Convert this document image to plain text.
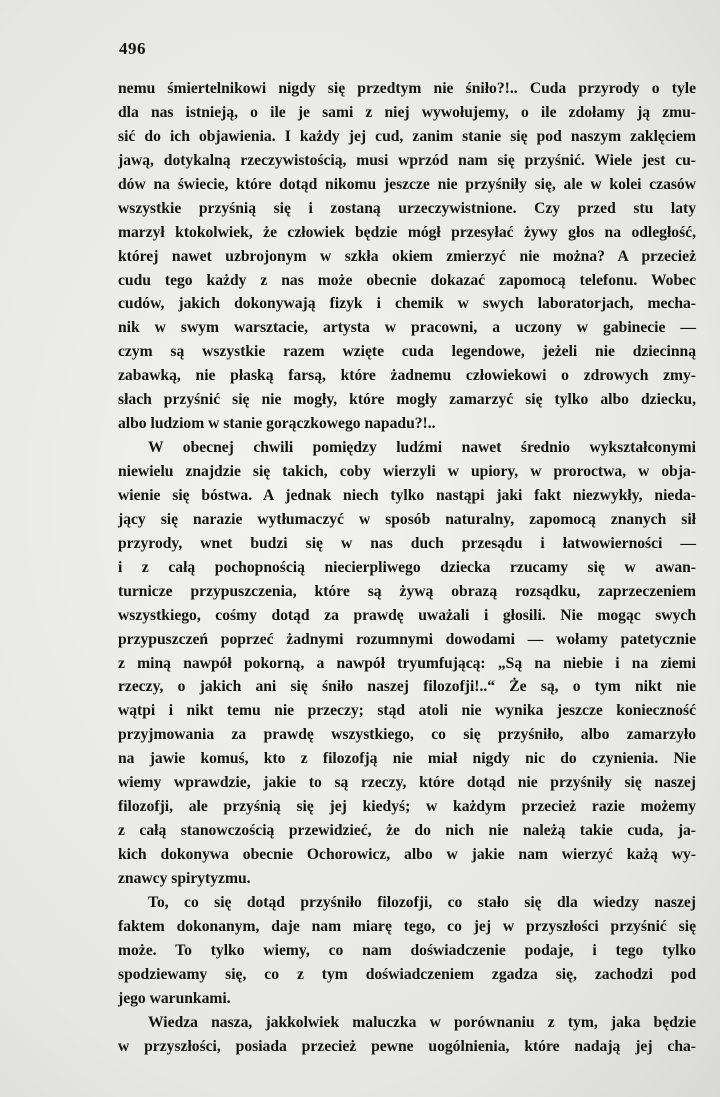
496
nemu śmiertelnikowi nigdy się przedtym nie śniło?!.. Cuda przyrody o tyle
dla nas istnieją, o ile je sami z niej wywołujemy, o ile zdołamy ją zmu-
sić do ich objawienia. I każdy jej cud, zanim stanie się pod naszym zaklęciem
jawą, dotykalną rzeczywistością, musi wprzód nam się przyśnić. Wiele jest cu-
dów na świecie, które dotąd nikomu jeszcze nie przyśniły się, ale w kolei czasów
wszystkie przyśnią się i zostaną urzeczywistnione. Czy przed stu laty
marzył ktokolwiek, że człowiek będzie mógł przesyłać żywy głos na odległość,
której nawet uzbrojonym w szkła okiem zmierzyć nie można? A przecież
cudu tego każdy z nas może obecnie dokazać zapomocą telefonu. Wobec
cudów, jakich dokonywają fizyk i chemik w swych laboratorjach, mecha-
nik w swym warsztacie, artysta w pracowni, a uczony w gabinecie —
czym są wszystkie razem wzięte cuda legendowe, jeżeli nie dziecinną
zabawką, nie płaską farsą, które żadnemu człowiekowi o zdrowych zmy-
słach przyśnić się nie mogły, które mogły zamarzyć się tylko albo dziecku,
albo ludziom w stanie gorączkowego napadu?!..
W obecnej chwili pomiędzy ludźmi nawet średnio wykształconymi
niewielu znajdzie się takich, coby wierzyli w upiory, w proroctwa, w obja-
wienie się bóstwa. A jednak niech tylko nastąpi jaki fakt niezwykły, nieda-
jący się narazie wytłumaczyć w sposób naturalny, zapomocą znanych sił
przyrody, wnet budzi się w nas duch przesądu i łatwowierności —
i z całą pochopnością niecierpliwego dziecka rzucamy się w awan-
turnicze przypuszczenia, które są żywą obrazą rozsądku, zaprzeczeniem
wszystkiego, cośmy dotąd za prawdę uważali i głosili. Nie mogąc swych
przypuszczeń poprzeć żadnymi rozumnymi dowodami — wołamy patetycznie
z miną nawpół pokorną, a nawpół tryumfującą: „Są na niebie i na ziemi
rzeczy, o jakich ani się śniło naszej filozofji!..“ Że są, o tym nikt nie
wątpi i nikt temu nie przeczy; stąd atoli nie wynika jeszcze konieczność
przyjmowania za prawdę wszystkiego, co się przyśniło, albo zamarzyło
na jawie komuś, kto z filozofją nie miał nigdy nic do czynienia. Nie
wiemy wprawdzie, jakie to są rzeczy, które dotąd nie przyśniły się naszej
filozofji, ale przyśnią się jej kiedyś; w każdym przecież razie możemy
z całą stanowczością przewidzieć, że do nich nie należą takie cuda, ja-
kich dokonywa obecnie Ochorowicz, albo w jakie nam wierzyć każą wy-
znawcy spirytyzmu.
To, co się dotąd przyśniło filozofji, co stało się dla wiedzy naszej
faktem dokonanym, daje nam miarę tego, co jej w przyszłości przyśnić się
może. To tylko wiemy, co nam doświadczenie podaje, i tego tylko
spodziewamy się, co z tym doświadczeniem zgadza się, zachodzi pod
jego warunkami.
Wiedza nasza, jakkolwiek maluczka w porównaniu z tym, jaka będzie
w przyszłości, posiada przecież pewne uogólnienia, które nadają jej cha-
